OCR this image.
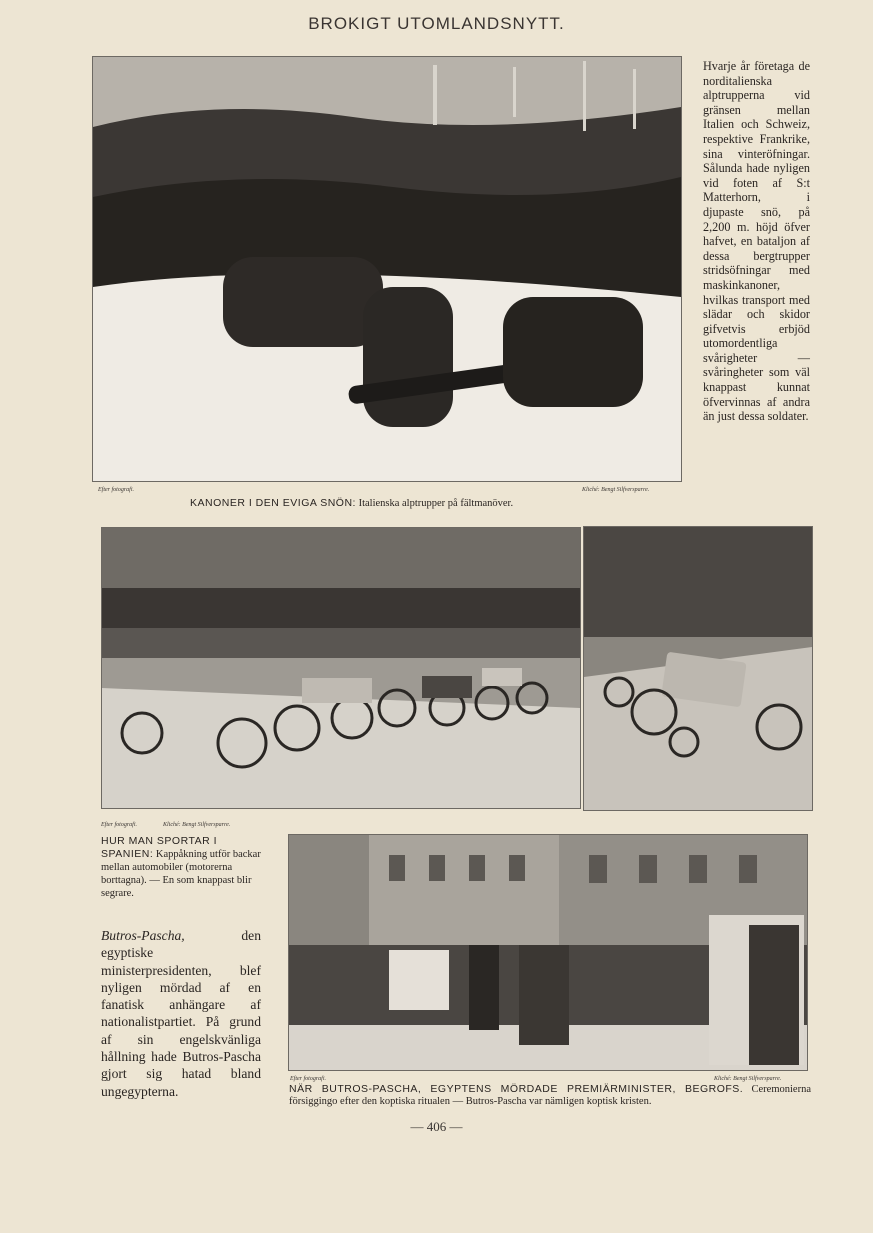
BROKIGT UTOMLANDSNYTT.
Efter fotografi.	Kliché: Bengt Silfversparre.
KANONER I DEN EVIGA SNÖN: Italienska alptrupper på fältmanöver.
Hvarje år företaga de norditalienska alptrupperna vid gränsen mellan Italien och Schweiz, respektive Frankrike, sina vinteröfningar. Sålunda hade nyligen vid foten af S:t Matterhorn, i djupaste snö, på 2,200 m. höjd öfver hafvet, en bataljon af dessa bergtrupper stridsöfningar med maskinkanoner, hvilkas transport med slädar och skidor gifvetvis erbjöd utomordentliga svårigheter — svåringheter som väl knappast kunnat öfvervinnas af andra än just dessa soldater.
Efter fotografi.	Kliché: Bengt Silfversparre.
HUR MAN SPORTAR I SPANIEN: Kappåkning utför backar mellan automobiler (motorerna borttagna). — En som knappast blir segrare.
Butros-Pascha,	den egyptiske ministerpresidenten, blef nyligen mördad af en fanatisk anhängare af nationalistpartiet. På grund af sin engelskvänliga hållning hade Butros-Pascha gjort sig hatad bland ungegypterna.
Efter fotografi.	Kliché: Bengt Silfversparre.
NÄR BUTROS-PASCHA, EGYPTENS MÖRDADE PREMIÄRMINISTER, BEGROFS. Ceremonierna försiggingo efter den koptiska ritualen — Butros-Pascha var nämligen koptisk kristen.
— 406 —
